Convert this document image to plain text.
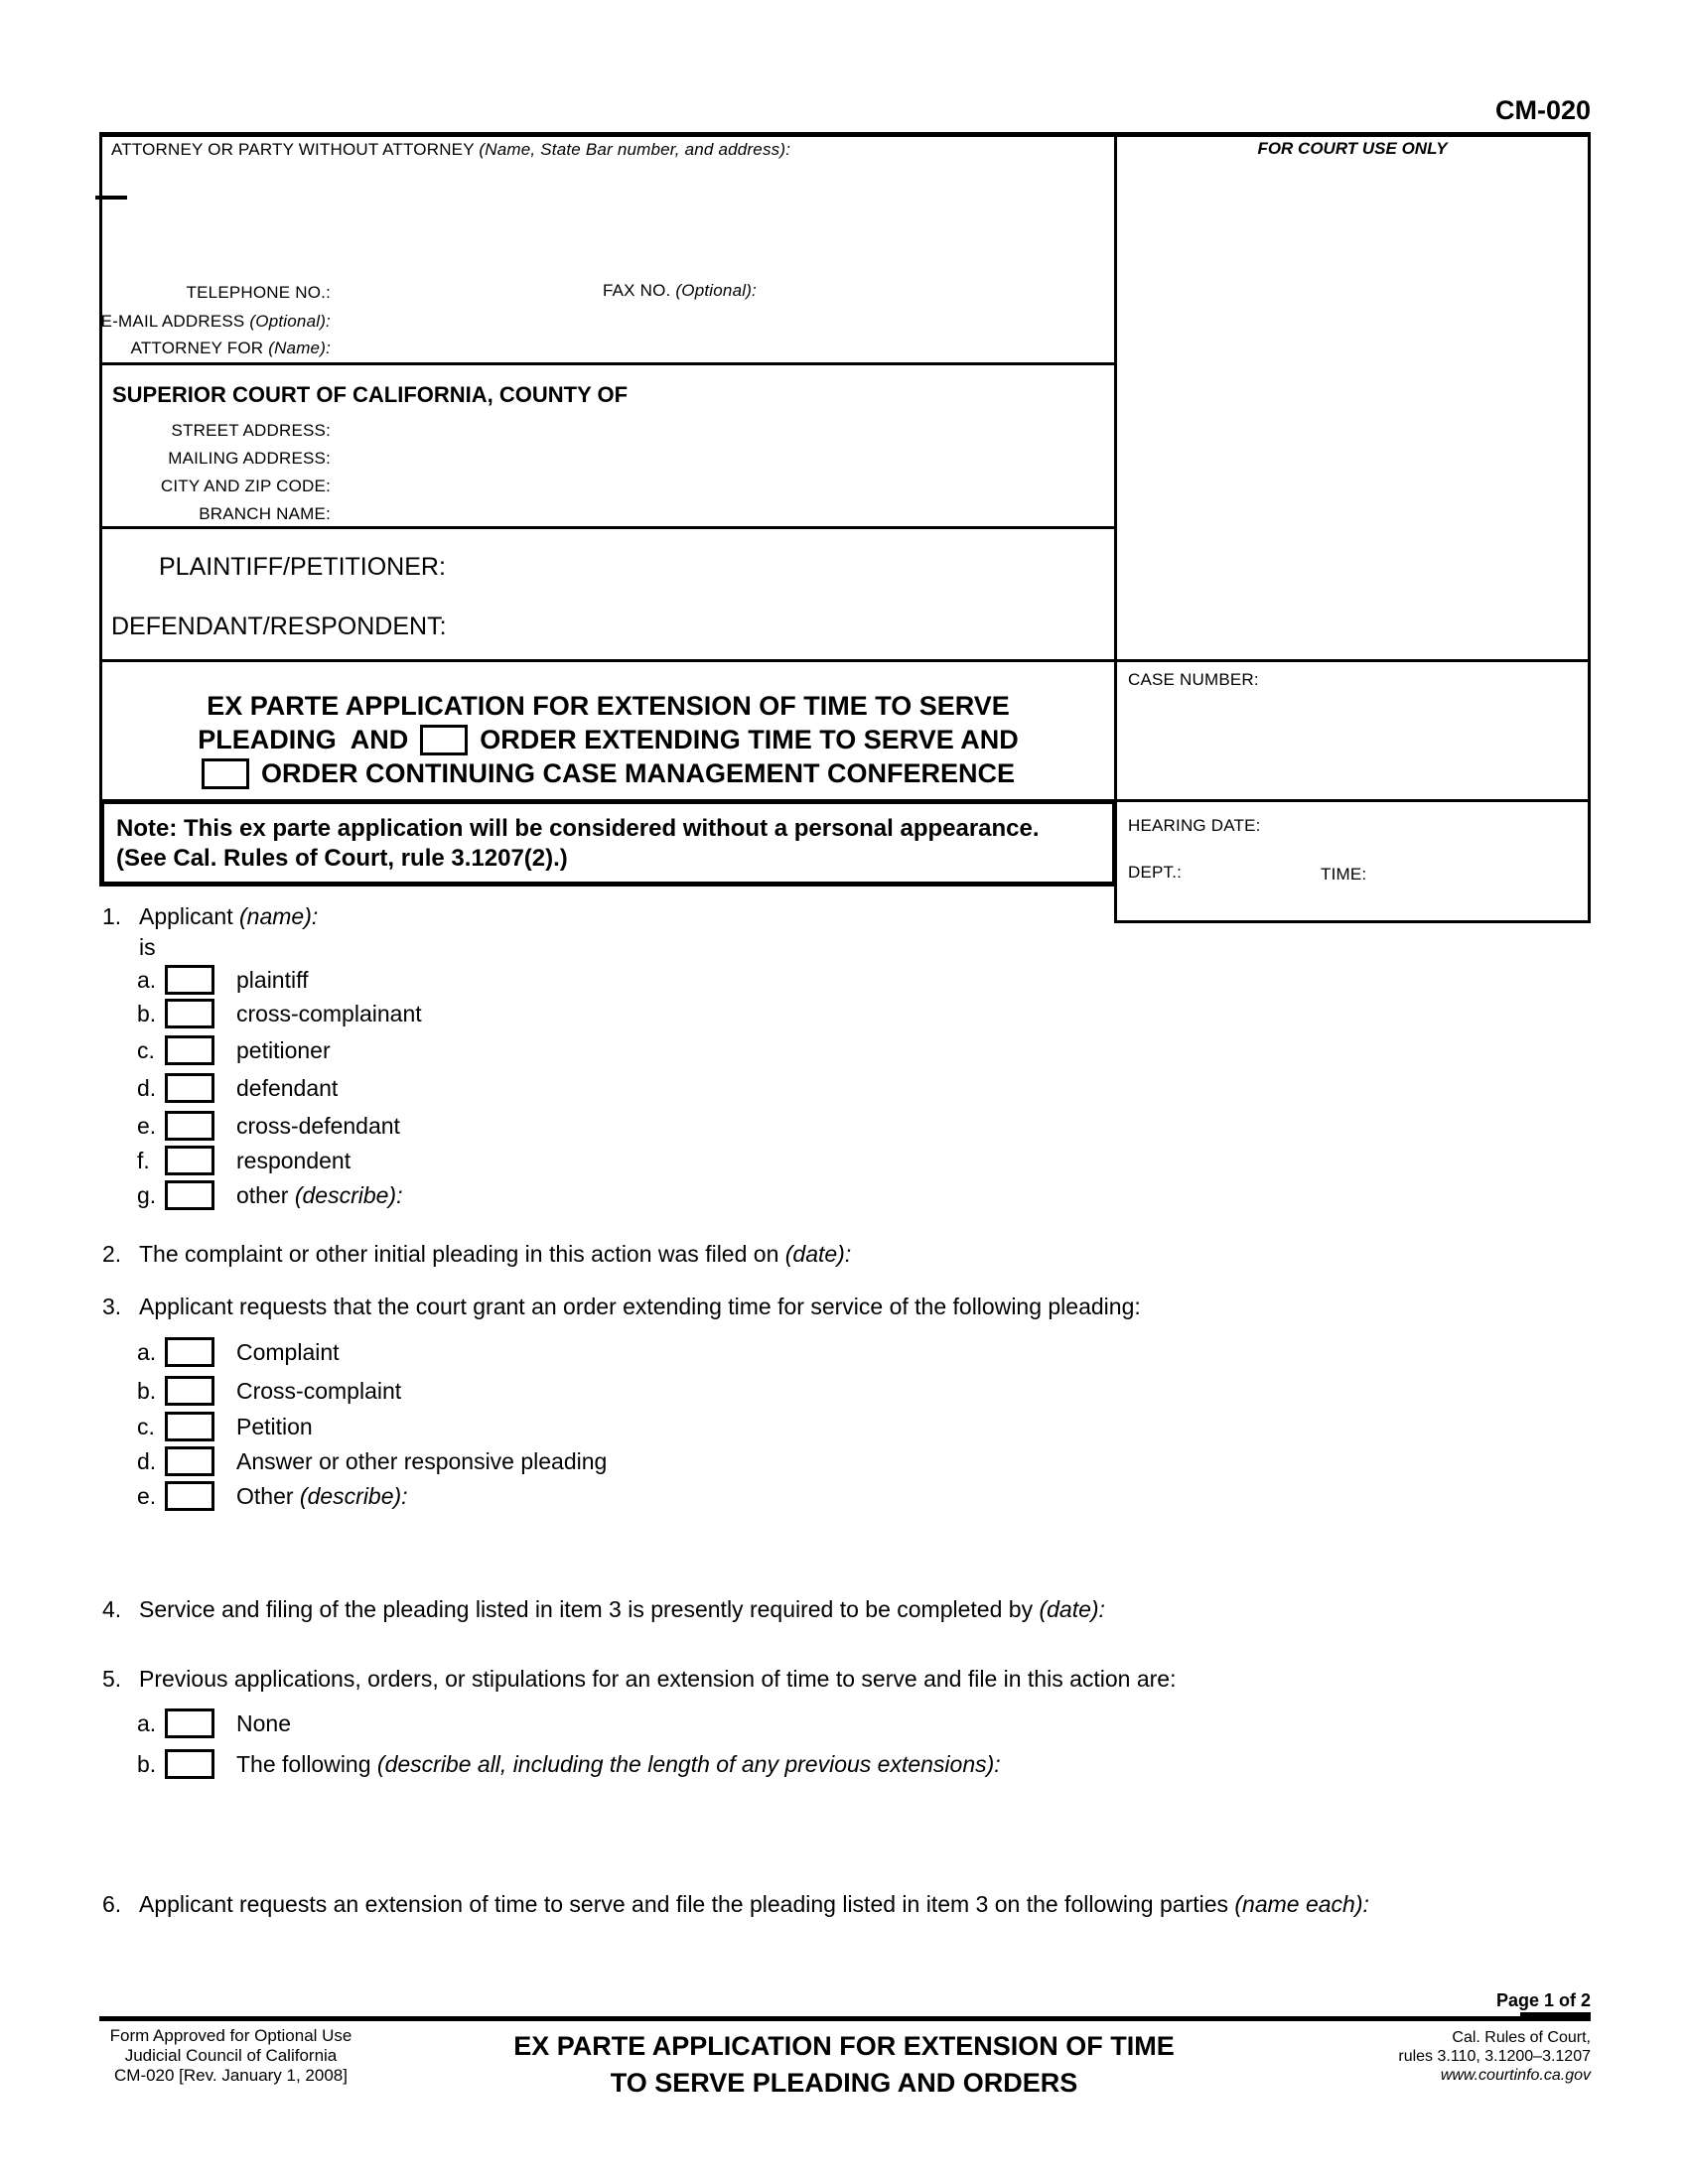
CM-020
ATTORNEY OR PARTY WITHOUT ATTORNEY (Name, State Bar number, and address):
TELEPHONE NO.:	FAX NO. (Optional):
E-MAIL ADDRESS (Optional):
ATTORNEY FOR (Name):
FOR COURT USE ONLY
SUPERIOR COURT OF CALIFORNIA, COUNTY OF
STREET ADDRESS:
MAILING ADDRESS:
CITY AND ZIP CODE:
BRANCH NAME:
PLAINTIFF/PETITIONER:
DEFENDANT/RESPONDENT:
EX PARTE APPLICATION FOR EXTENSION OF TIME TO SERVE
PLEADING  AND	ORDER EXTENDING TIME TO SERVE AND
ORDER CONTINUING CASE MANAGEMENT CONFERENCE
CASE NUMBER:
HEARING DATE:
DEPT.:	TIME:
Note: This ex parte application will be considered without a personal appearance.
(See Cal. Rules of Court, rule 3.1207(2).)
1. Applicant (name):
is
a.	plaintiff
b.	cross-complainant
c.	petitioner
d.	defendant
e.	cross-defendant
f.	respondent
g.	other (describe):
2. The complaint or other initial pleading in this action was filed on (date):
3. Applicant requests that the court grant an order extending time for service of the following pleading:
a.	Complaint
b.	Cross-complaint
c.	Petition
d.	Answer or other responsive pleading
e.	Other (describe):
4. Service and filing of the pleading listed in item 3 is presently required to be completed by (date):
5. Previous applications, orders, or stipulations for an extension of time to serve and file in this action are:
a.	None
b.	The following (describe all, including the length of any previous extensions):
6. Applicant requests an extension of time to serve and file the pleading listed in item 3 on the following parties (name each):
Page 1 of 2
Form Approved for Optional Use
Judicial Council of California
CM-020 [Rev. January 1, 2008]
EX PARTE APPLICATION FOR EXTENSION OF TIME
TO SERVE PLEADING AND ORDERS
Cal. Rules of Court,
rules 3.110, 3.1200–3.1207
www.courtinfo.ca.gov
